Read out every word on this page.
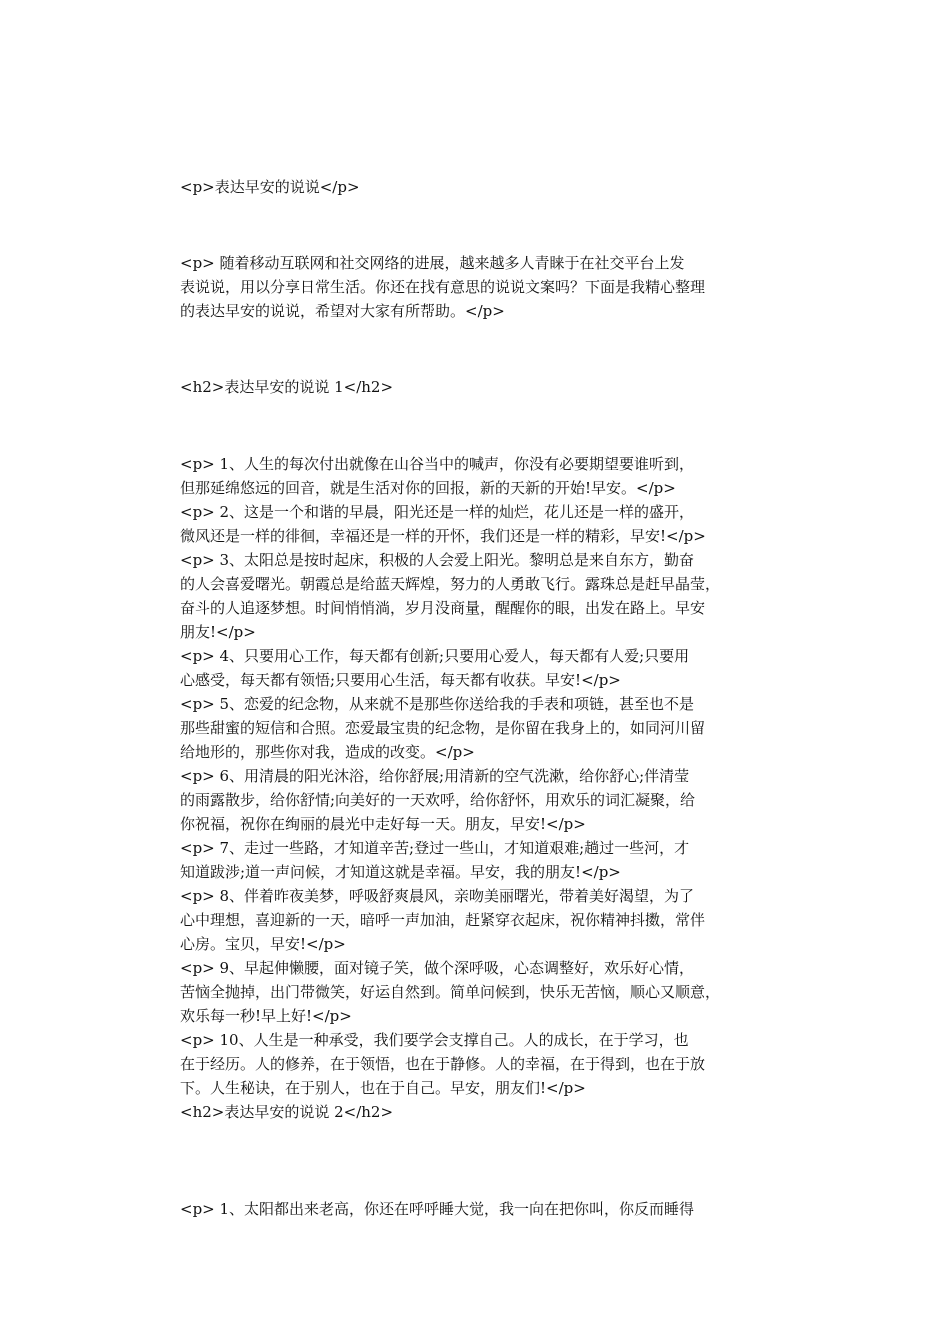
<p>表达早安的说说</p>
<p> 随着移动互联网和社交网络的进展，越来越多人青睐于在社交平台上发
表说说，用以分享日常生活。你还在找有意思的说说文案吗？下面是我精心整理
的表达早安的说说，希望对大家有所帮助。</p>
<h2>表达早安的说说 1</h2>
<p> 1、人生的每次付出就像在山谷当中的喊声，你没有必要期望要谁听到，
但那延绵悠远的回音，就是生活对你的回报，新的天新的开始!早安。</p>
<p> 2、这是一个和谐的早晨，阳光还是一样的灿烂，花儿还是一样的盛开，
微风还是一样的徘徊，幸福还是一样的开怀，我们还是一样的精彩，早安!</p>
<p> 3、太阳总是按时起床，积极的人会爱上阳光。黎明总是来自东方，勤奋
的人会喜爱曙光。朝霞总是给蓝天辉煌，努力的人勇敢飞行。露珠总是赶早晶莹，
奋斗的人追逐梦想。时间悄悄淌，岁月没商量，醒醒你的眼，出发在路上。早安
朋友!</p>
<p> 4、只要用心工作，每天都有创新;只要用心爱人，每天都有人爱;只要用
心感受，每天都有领悟;只要用心生活，每天都有收获。早安!</p>
<p> 5、恋爱的纪念物，从来就不是那些你送给我的手表和项链，甚至也不是
那些甜蜜的短信和合照。恋爱最宝贵的纪念物，是你留在我身上的，如同河川留
给地形的，那些你对我，造成的改变。</p>
<p> 6、用清晨的阳光沐浴，给你舒展;用清新的空气洗漱，给你舒心;伴清莹
的雨露散步，给你舒情;向美好的一天欢呼，给你舒怀，用欢乐的词汇凝聚，给
你祝福，祝你在绚丽的晨光中走好每一天。朋友，早安!</p>
<p> 7、走过一些路，才知道辛苦;登过一些山，才知道艰难;趟过一些河，才
知道跋涉;道一声问候，才知道这就是幸福。早安，我的朋友!</p>
<p> 8、伴着昨夜美梦，呼吸舒爽晨风，亲吻美丽曙光，带着美好渴望，为了
心中理想，喜迎新的一天，暗呼一声加油，赶紧穿衣起床，祝你精神抖擞，常伴
心房。宝贝，早安!</p>
<p> 9、早起伸懒腰，面对镜子笑，做个深呼吸，心态调整好，欢乐好心情，
苦恼全抛掉，出门带微笑，好运自然到。简单问候到，快乐无苦恼，顺心又顺意，
欢乐每一秒!早上好!</p>
<p> 10、人生是一种承受，我们要学会支撑自己。人的成长，在于学习，也
在于经历。人的修养，在于领悟，也在于静修。人的幸福，在于得到，也在于放
下。人生秘诀，在于别人，也在于自己。早安，朋友们!</p>
<h2>表达早安的说说 2</h2>
<p> 1、太阳都出来老高，你还在呼呼睡大觉，我一向在把你叫，你反而睡得
